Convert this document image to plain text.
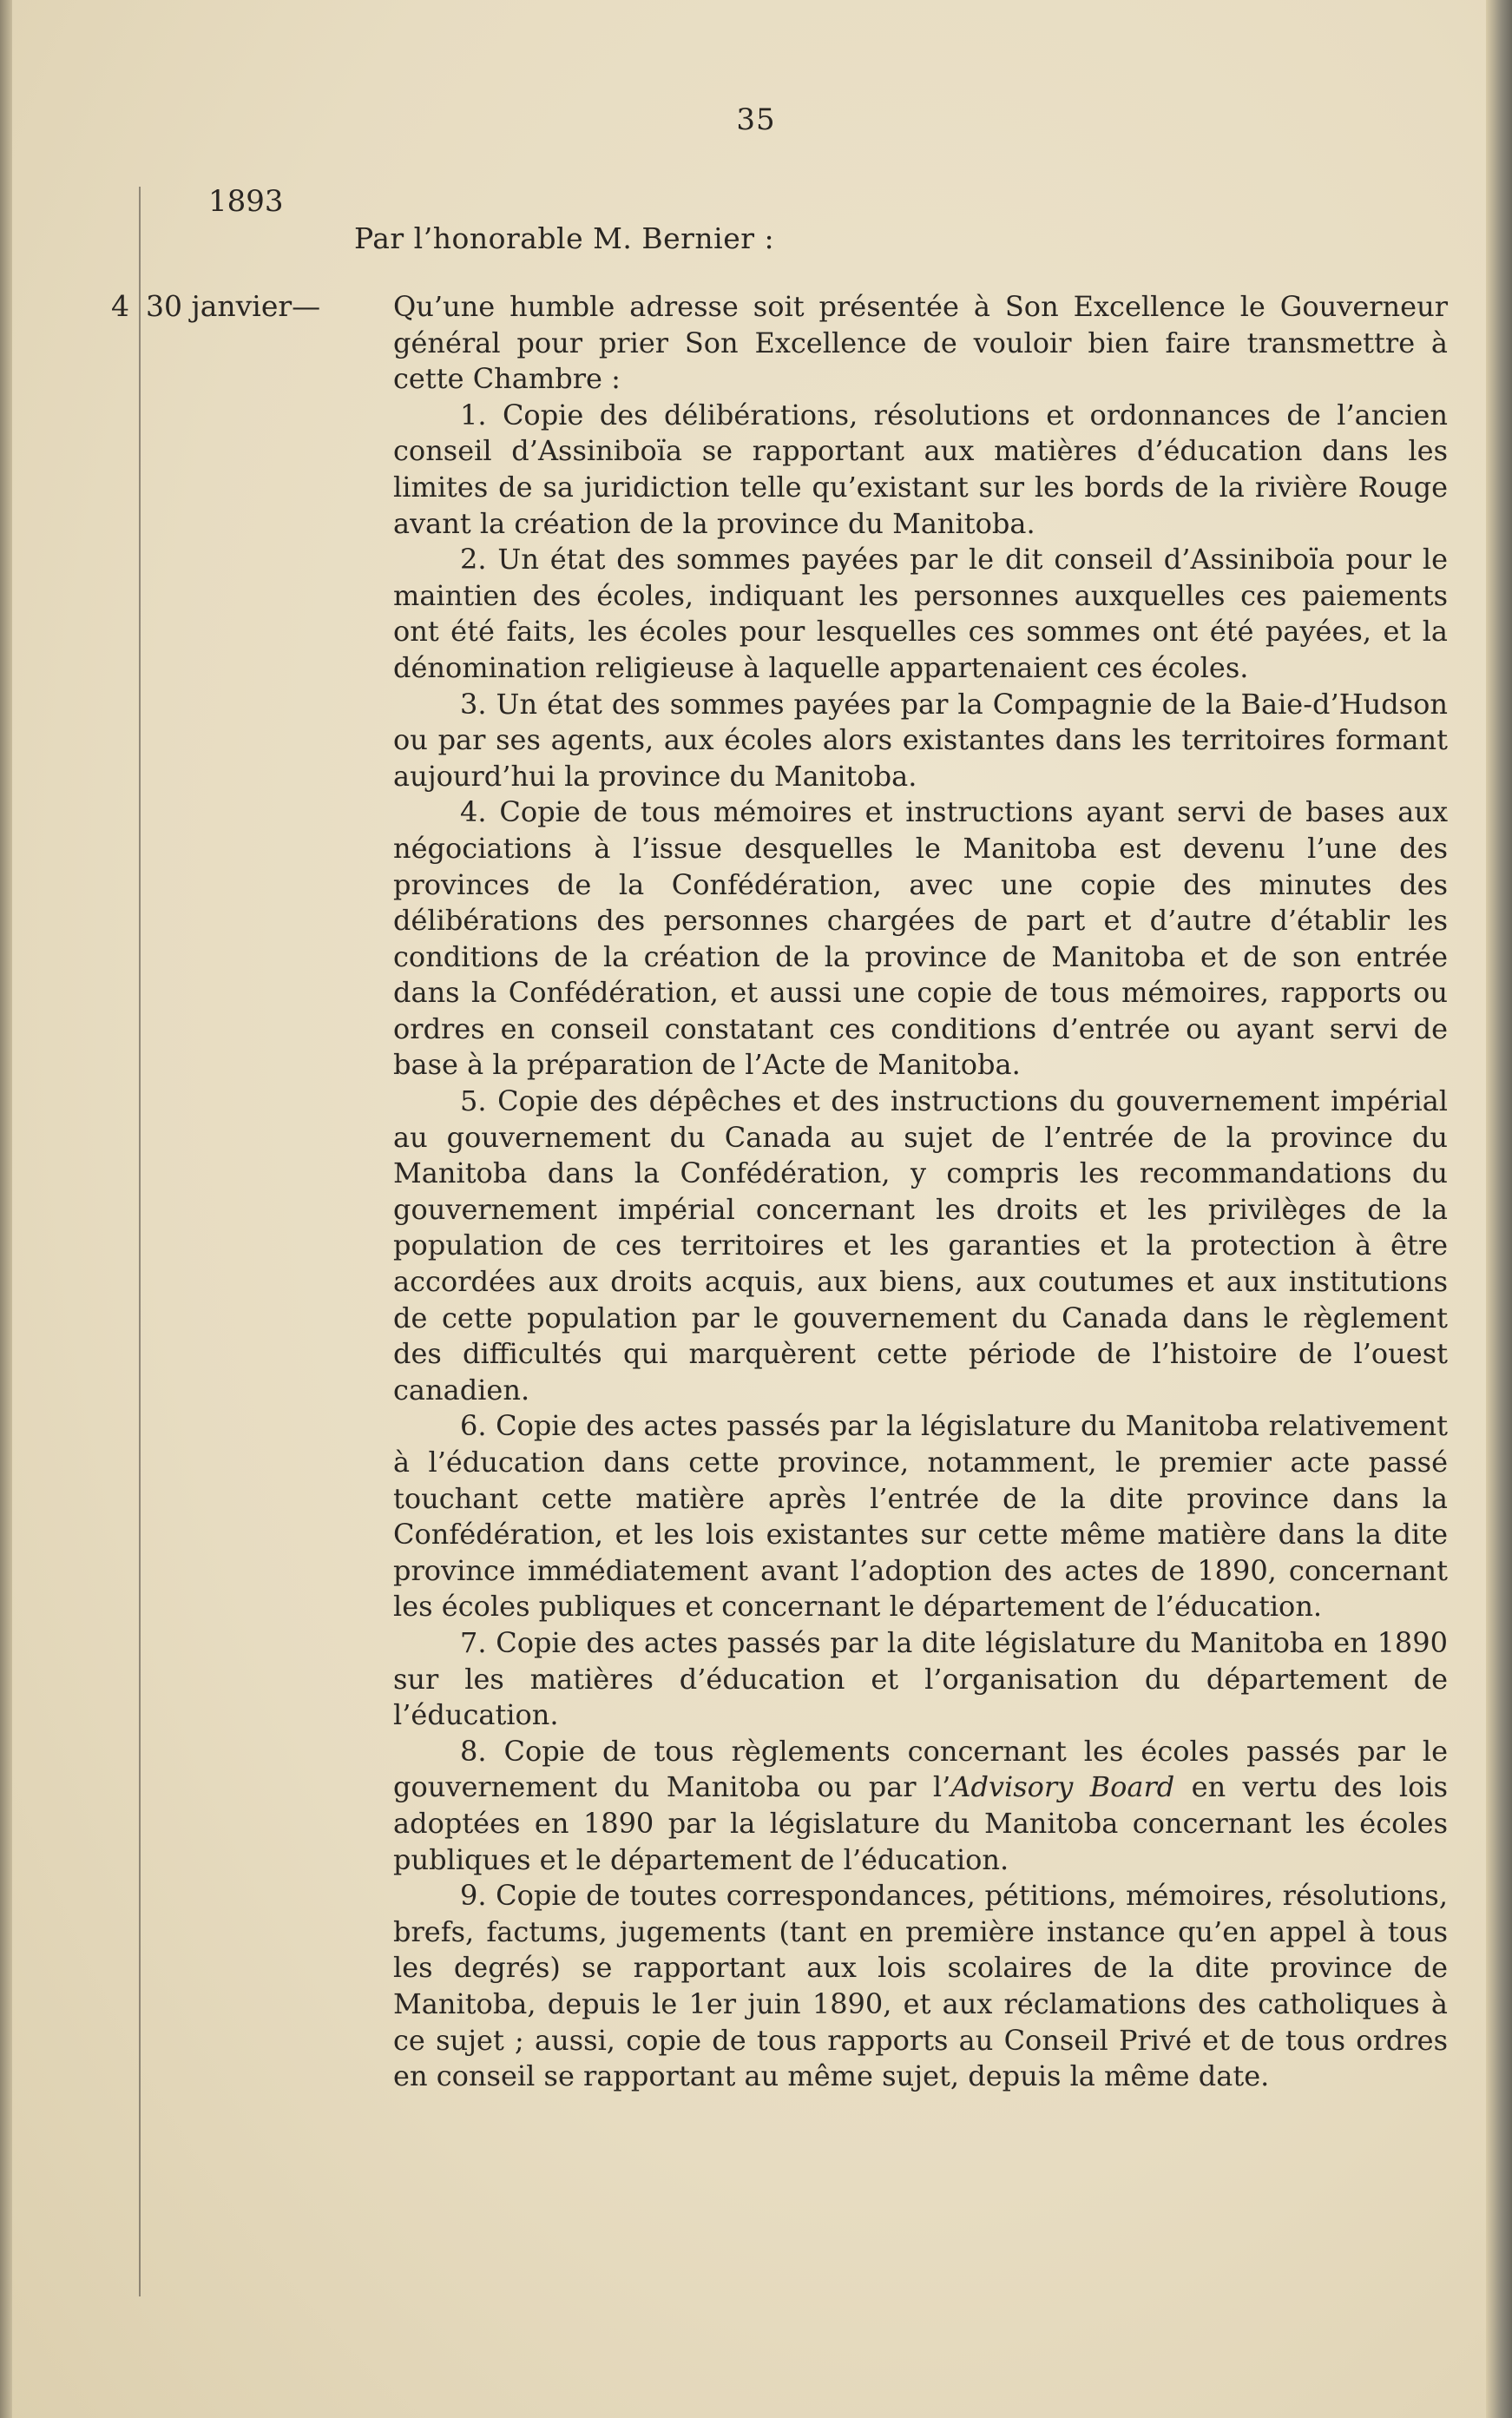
35
1893
Par l’honorable M. Bernier :
4 30 janvier—	Qu’une humble adresse soit présentée à Son Excellence le Gouverneur général pour prier Son Excellence de vouloir bien faire transmettre à cette Chambre :

1. Copie des délibérations, résolutions et ordonnances de l’ancien conseil d’Assiniboïa se rapportant aux matières d’éducation dans les limites de sa juridiction telle qu’existant sur les bords de la rivière Rouge avant la création de la province du Manitoba.

2. Un état des sommes payées par le dit conseil d’Assiniboïa pour le maintien des écoles, indiquant les personnes auxquelles ces paiements ont été faits, les écoles pour lesquelles ces sommes ont été payées, et la dénomination religieuse à laquelle appartenaient ces écoles.

3. Un état des sommes payées par la Compagnie de la Baie-d’Hudson ou par ses agents, aux écoles alors existantes dans les territoires formant aujourd’hui la province du Manitoba.

4. Copie de tous mémoires et instructions ayant servi de bases aux négociations à l’issue desquelles le Manitoba est devenu l’une des provinces de la Confédération, avec une copie des minutes des délibérations des personnes chargées de part et d’autre d’établir les conditions de la création de la province de Manitoba et de son entrée dans la Confédération, et aussi une copie de tous mémoires, rapports ou ordres en conseil constatant ces conditions d’entrée ou ayant servi de base à la préparation de l’Acte de Manitoba.

5. Copie des dépêches et des instructions du gouvernement impérial au gouvernement du Canada au sujet de l’entrée de la province du Manitoba dans la Confédération, y compris les recommandations du gouvernement impérial concernant les droits et les privilèges de la population de ces territoires et les garanties et la protection à être accordées aux droits acquis, aux biens, aux coutumes et aux institutions de cette population par le gouvernement du Canada dans le règlement des difficultés qui marquèrent cette période de l’histoire de l’ouest canadien.

6. Copie des actes passés par la législature du Manitoba relativement à l’éducation dans cette province, notamment, le premier acte passé touchant cette matière après l’entrée de la dite province dans la Confédération, et les lois existantes sur cette même matière dans la dite province immédiatement avant l’adoption des actes de 1890, concernant les écoles publiques et concernant le département de l’éducation.

7. Copie des actes passés par la dite législature du Manitoba en 1890 sur les matières d’éducation et l’organisation du département de l’éducation.

8. Copie de tous règlements concernant les écoles passés par le gouvernement du Manitoba ou par l’Advisory Board en vertu des lois adoptées en 1890 par la législature du Manitoba concernant les écoles publiques et le département de l’éducation.

9. Copie de toutes correspondances, pétitions, mémoires, résolutions, brefs, factums, jugements (tant en première instance qu’en appel à tous les degrés) se rapportant aux lois scolaires de la dite province de Manitoba, depuis le 1er juin 1890, et aux réclamations des catholiques à ce sujet ; aussi, copie de tous rapports au Conseil Privé et de tous ordres en conseil se rapportant au même sujet, depuis la même date.
